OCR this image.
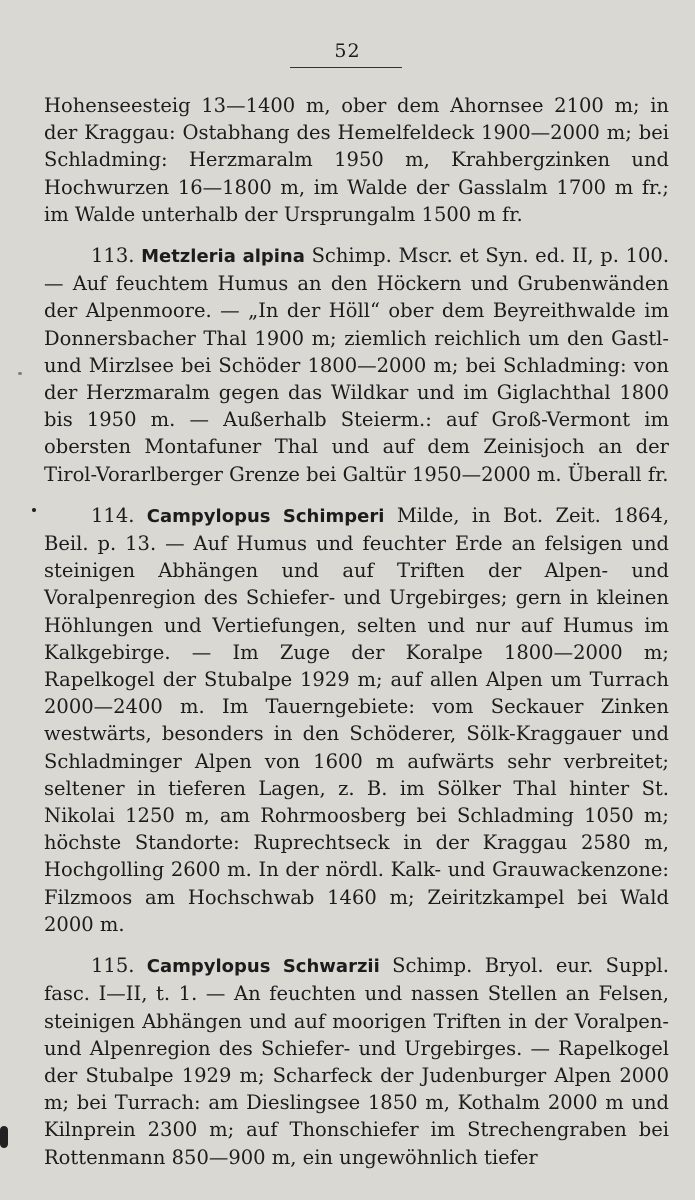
52

Hohenseesteig 13—1400 m, ober dem Ahornsee 2100 m; in der Kraggau: Ostabhang des Hemelfeldeck 1900—2000 m; bei Schladming: Herzmaralm 1950 m, Krahbergzinken und Hochwurzen 16—1800 m, im Walde der Gasslalm 1700 m fr.; im Walde unterhalb der Ursprungalm 1500 m fr.

113. Metzleria alpina Schimp. Mscr. et Syn. ed. II, p. 100.— Auf feuchtem Humus an den Höckern und Grubenwänden der Alpenmoore. — „In der Höll“ ober dem Beyreithwalde im Donnersbacher Thal 1900 m; ziemlich reichlich um den Gastl- und Mirzlsee bei Schöder 1800—2000 m; bei Schladming: von der Herzmaralm gegen das Wildkar und im Giglachthal 1800 bis 1950 m. — Außerhalb Steierm.: auf Groß-Vermont im obersten Montafuner Thal und auf dem Zeinisjoch an der Tirol-Vorarlberger Grenze bei Galtür 1950—2000 m. Überall fr.

114. Campylopus Schimperi Milde, in Bot. Zeit. 1864, Beil. p. 13. — Auf Humus und feuchter Erde an felsigen und steinigen Abhängen und auf Triften der Alpen- und Voralpenregion des Schiefer- und Urgebirges; gern in kleinen Höhlungen und Vertiefungen, selten und nur auf Humus im Kalkgebirge. — Im Zuge der Koralpe 1800—2000 m; Rapelkogel der Stubalpe 1929 m; auf allen Alpen um Turrach 2000—2400 m. Im Tauerngebiete: vom Seckauer Zinken westwärts, besonders in den Schöderer, Sölk-Kraggauer und Schladminger Alpen von 1600 m aufwärts sehr verbreitet; seltener in tieferen Lagen, z. B. im Sölker Thal hinter St. Nikolai 1250 m, am Rohrmoosberg bei Schladming 1050 m; höchste Standorte: Ruprechtseck in der Kraggau 2580 m, Hochgolling 2600 m. In der nördl. Kalk- und Grauwackenzone: Filzmoos am Hochschwab 1460 m; Zeiritzkampel bei Wald 2000 m.

115. Campylopus Schwarzii Schimp. Bryol. eur. Suppl. fasc. I—II, t. 1. — An feuchten und nassen Stellen an Felsen, steinigen Abhängen und auf moorigen Triften in der Voralpen- und Alpenregion des Schiefer- und Urgebirges. — Rapelkogel der Stubalpe 1929 m; Scharfeck der Judenburger Alpen 2000 m; bei Turrach: am Dieslingsee 1850 m, Kothalm 2000 m und Kilnprein 2300 m; auf Thonschiefer im Strechengraben bei Rottenmann 850—900 m, ein ungewöhnlich tiefer
